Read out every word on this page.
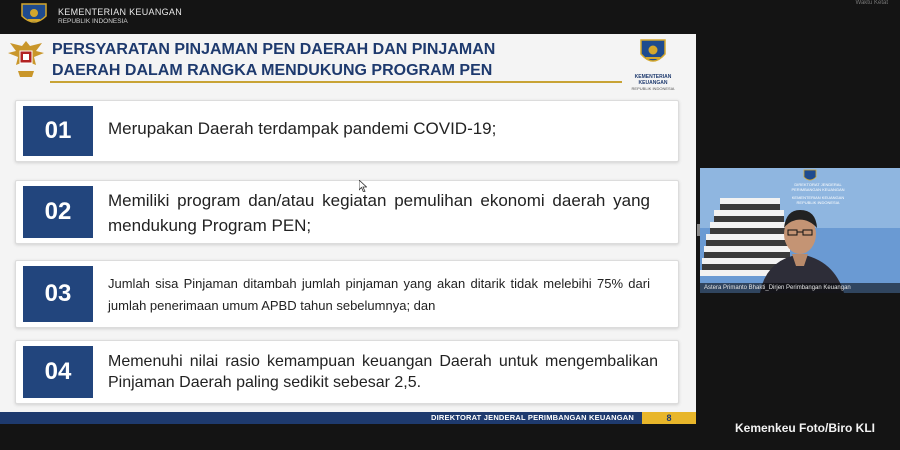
KEMENTERIAN KEUANGAN
REPUBLIK INDONESIA
Waktu Ketat
PERSYARATAN PINJAMAN PEN DAERAH DAN PINJAMAN
DAERAH DALAM RANGKA MENDUKUNG PROGRAM PEN	KEMENTERIAN KEUANGAN
REPUBLIK INDONESIA
01	Merupakan Daerah terdampak pandemi COVID-19;
02	Memiliki program dan/atau kegiatan pemulihan ekonomi daerah yang mendukung Program PEN;
03	Jumlah sisa Pinjaman ditambah jumlah pinjaman yang akan ditarik tidak melebihi 75% dari jumlah penerimaan umum APBD tahun sebelumnya; dan
04	Memenuhi nilai rasio kemampuan keuangan Daerah untuk mengembalikan Pinjaman Daerah paling sedikit sebesar 2,5.
DIREKTORAT JENDERAL PERIMBANGAN KEUANGAN	8
DIREKTORAT JENDERAL
PERIMBANGAN KEUANGAN
KEMENTERIAN KEUANGAN
REPUBLIK INDONESIA
Astera Primanto Bhakti_Dirjen Perimbangan Keuangan
Kemenkeu Foto/Biro KLI
